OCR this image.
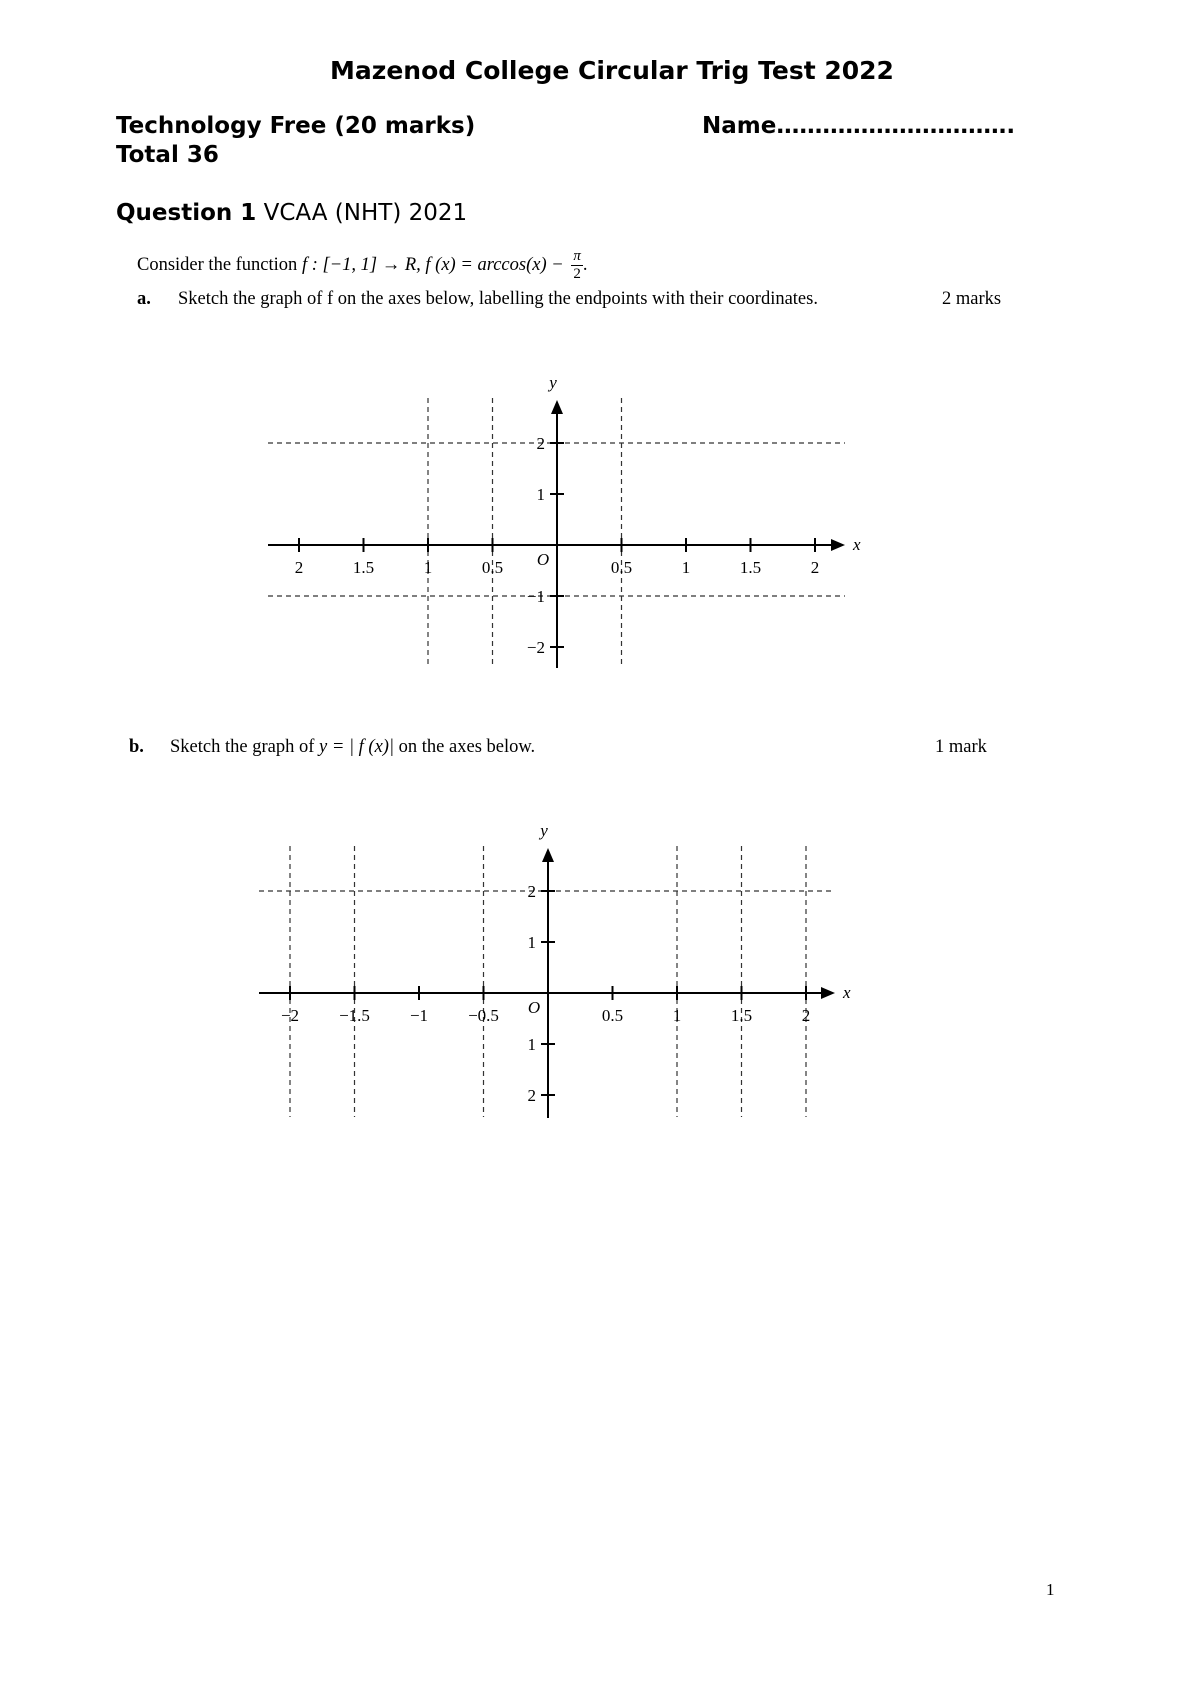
Mazenod College Circular Trig Test 2022
Technology Free (20 marks)	Name………………………….
Total 36
Question 1 VCAA (NHT) 2021
Consider the function f : [−1, 1] → R, f $(x) = \arccos(x) - \frac{\pi}{2}$ .
a. Sketch the graph of f on the axes below, labelling the endpoints with their coordinates.	2 marks
x
y
O
2	1.5	1	0.5	0.5	1	1.5	2
2
1
−1
−2
b. Sketch the graph of y = | f (x)| on the axes below.	1 mark
x
y
O
−2 −1.5 −1 −0.5	0.5	1	1.5	2
2
1
1
2
1
